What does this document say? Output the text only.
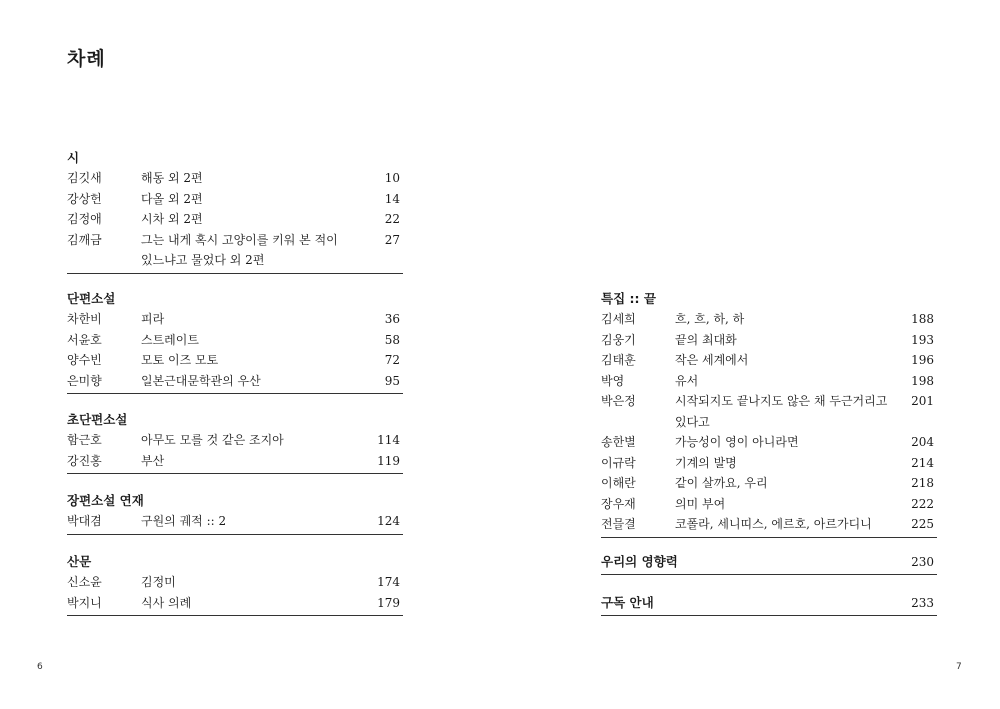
차례
시
김깃새	해동 외 2편	10
강상헌	다올 외 2편	14
김정애	시차 외 2편	22
김깨금	그는 내게 혹시 고양이를 키워 본 적이	27
있느냐고 물었다 외 2편
단편소설
차한비	피라	36
서윤호	스트레이트	58
양수빈	모토 이즈 모토	72
은미향	일본근대문학관의 우산	95
초단편소설
함근호	아무도 모를 것 같은 조지아	114
강진홍	부산	119
장편소설 연재
박대겸	구원의 궤적 :: 2	124
산문
신소윤	김정미	174
박지니	식사 의례	179
특집 :: 끝
김세희	흐, 흐, 하, 하	188
김웅기	끝의 최대화	193
김태훈	작은 세계에서	196
박영	유서	198
박은정	시작되지도 끝나지도 않은 채 두근거리고	201
있다고
송한별	가능성이 영이 아니라면	204
이규락	기계의 발명	214
이해란	같이 살까요, 우리	218
장우재	의미 부여	222
전믈결	코폴라, 세니띠스, 에르호, 아르가디니	225
우리의 영향력	230
구독 안내	233
6	7
